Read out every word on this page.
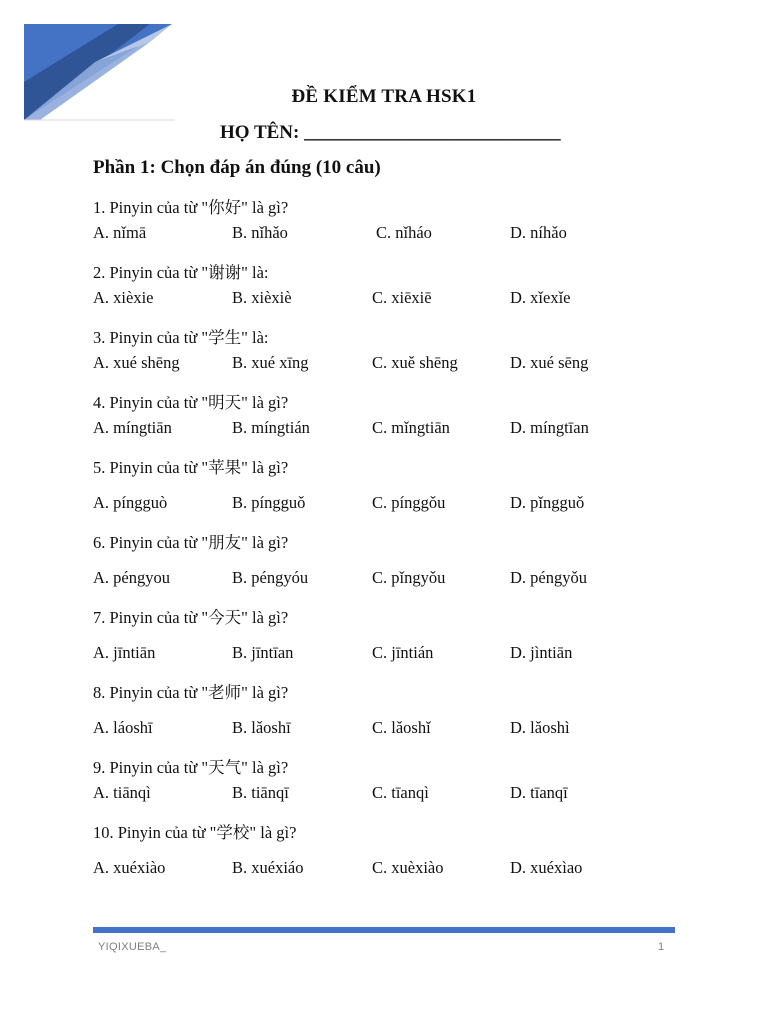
ĐỀ KIỂM TRA HSK1
HỌ TÊN: ___________________________
Phần 1: Chọn đáp án đúng (10 câu)
1. Pinyin của từ "你好" là gì?
A. nǐmā	B. nǐhǎo	C. nǐháo	D. níhǎo
2. Pinyin của từ "谢谢" là:
A. xièxie	B. xièxiè	C. xiēxiē	D. xǐexǐe
3. Pinyin của từ "学生" là:
A. xué shēng	B. xué xīng	C. xuě shēng	D. xué sēng
4. Pinyin của từ "明天" là gì?
A. míngtiān	B. míngtián	C. mǐngtiān	D. míngtīan
5. Pinyin của từ "苹果" là gì?
A. píngguò	B. píngguǒ	C. pínggǒu	D. pǐngguǒ
6. Pinyin của từ "朋友" là gì?
A. péngyou	B. péngyóu	C. pǐngyǒu	D. péngyǒu
7. Pinyin của từ "今天" là gì?
A. jīntiān	B. jīntīan	C. jīntián	D. jìntiān
8. Pinyin của từ "老师" là gì?
A. láoshī	B. lǎoshī	C. lǎoshǐ	D. lǎoshì
9. Pinyin của từ "天气" là gì?
A. tiānqì	B. tiānqī	C. tīanqì	D. tīanqī
10. Pinyin của từ "学校" là gì?
A. xuéxiào	B. xuéxiáo	C. xuèxiào	D. xuéxìao
YIQIXUEBA_	1
